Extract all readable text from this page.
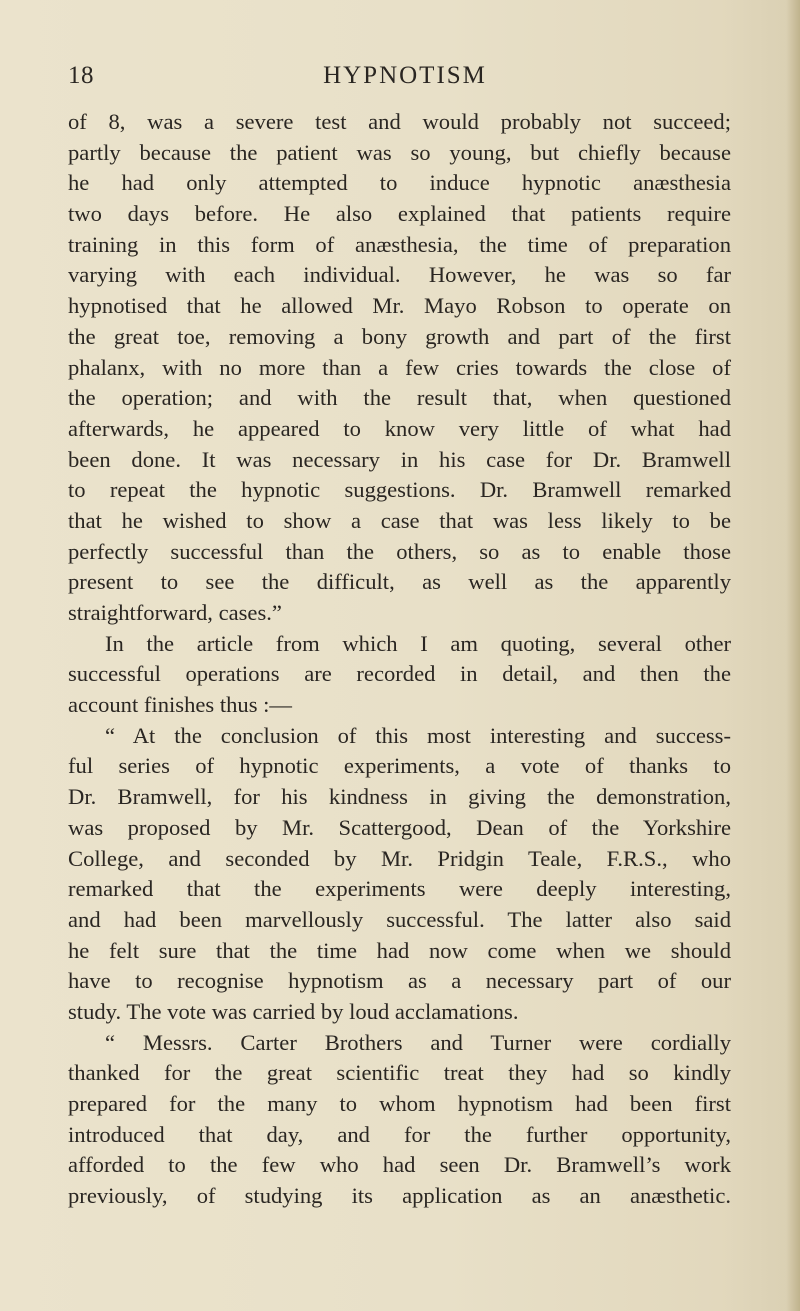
18	HYPNOTISM
of 8, was a severe test and would probably not succeed;
partly because the patient was so young, but chiefly because
he had only attempted to induce hypnotic anæsthesia
two days before. He also explained that patients require
training in this form of anæsthesia, the time of preparation
varying with each individual. However, he was so far
hypnotised that he allowed Mr. Mayo Robson to operate on
the great toe, removing a bony growth and part of the first
phalanx, with no more than a few cries towards the close of
the operation; and with the result that, when questioned
afterwards, he appeared to know very little of what had
been done. It was necessary in his case for Dr. Bramwell
to repeat the hypnotic suggestions. Dr. Bramwell remarked
that he wished to show a case that was less likely to be
perfectly successful than the others, so as to enable those
present to see the difficult, as well as the apparently
straightforward, cases.”
In the article from which I am quoting, several other
successful operations are recorded in detail, and then the
account finishes thus :—
“ At the conclusion of this most interesting and success-
ful series of hypnotic experiments, a vote of thanks to
Dr. Bramwell, for his kindness in giving the demonstration,
was proposed by Mr. Scattergood, Dean of the Yorkshire
College, and seconded by Mr. Pridgin Teale, F.R.S., who
remarked that the experiments were deeply interesting,
and had been marvellously successful. The latter also said
he felt sure that the time had now come when we should
have to recognise hypnotism as a necessary part of our
study. The vote was carried by loud acclamations.
“ Messrs. Carter Brothers and Turner were cordially
thanked for the great scientific treat they had so kindly
prepared for the many to whom hypnotism had been first
introduced that day, and for the further opportunity,
afforded to the few who had seen Dr. Bramwell’s work
previously, of studying its application as an anæsthetic.
